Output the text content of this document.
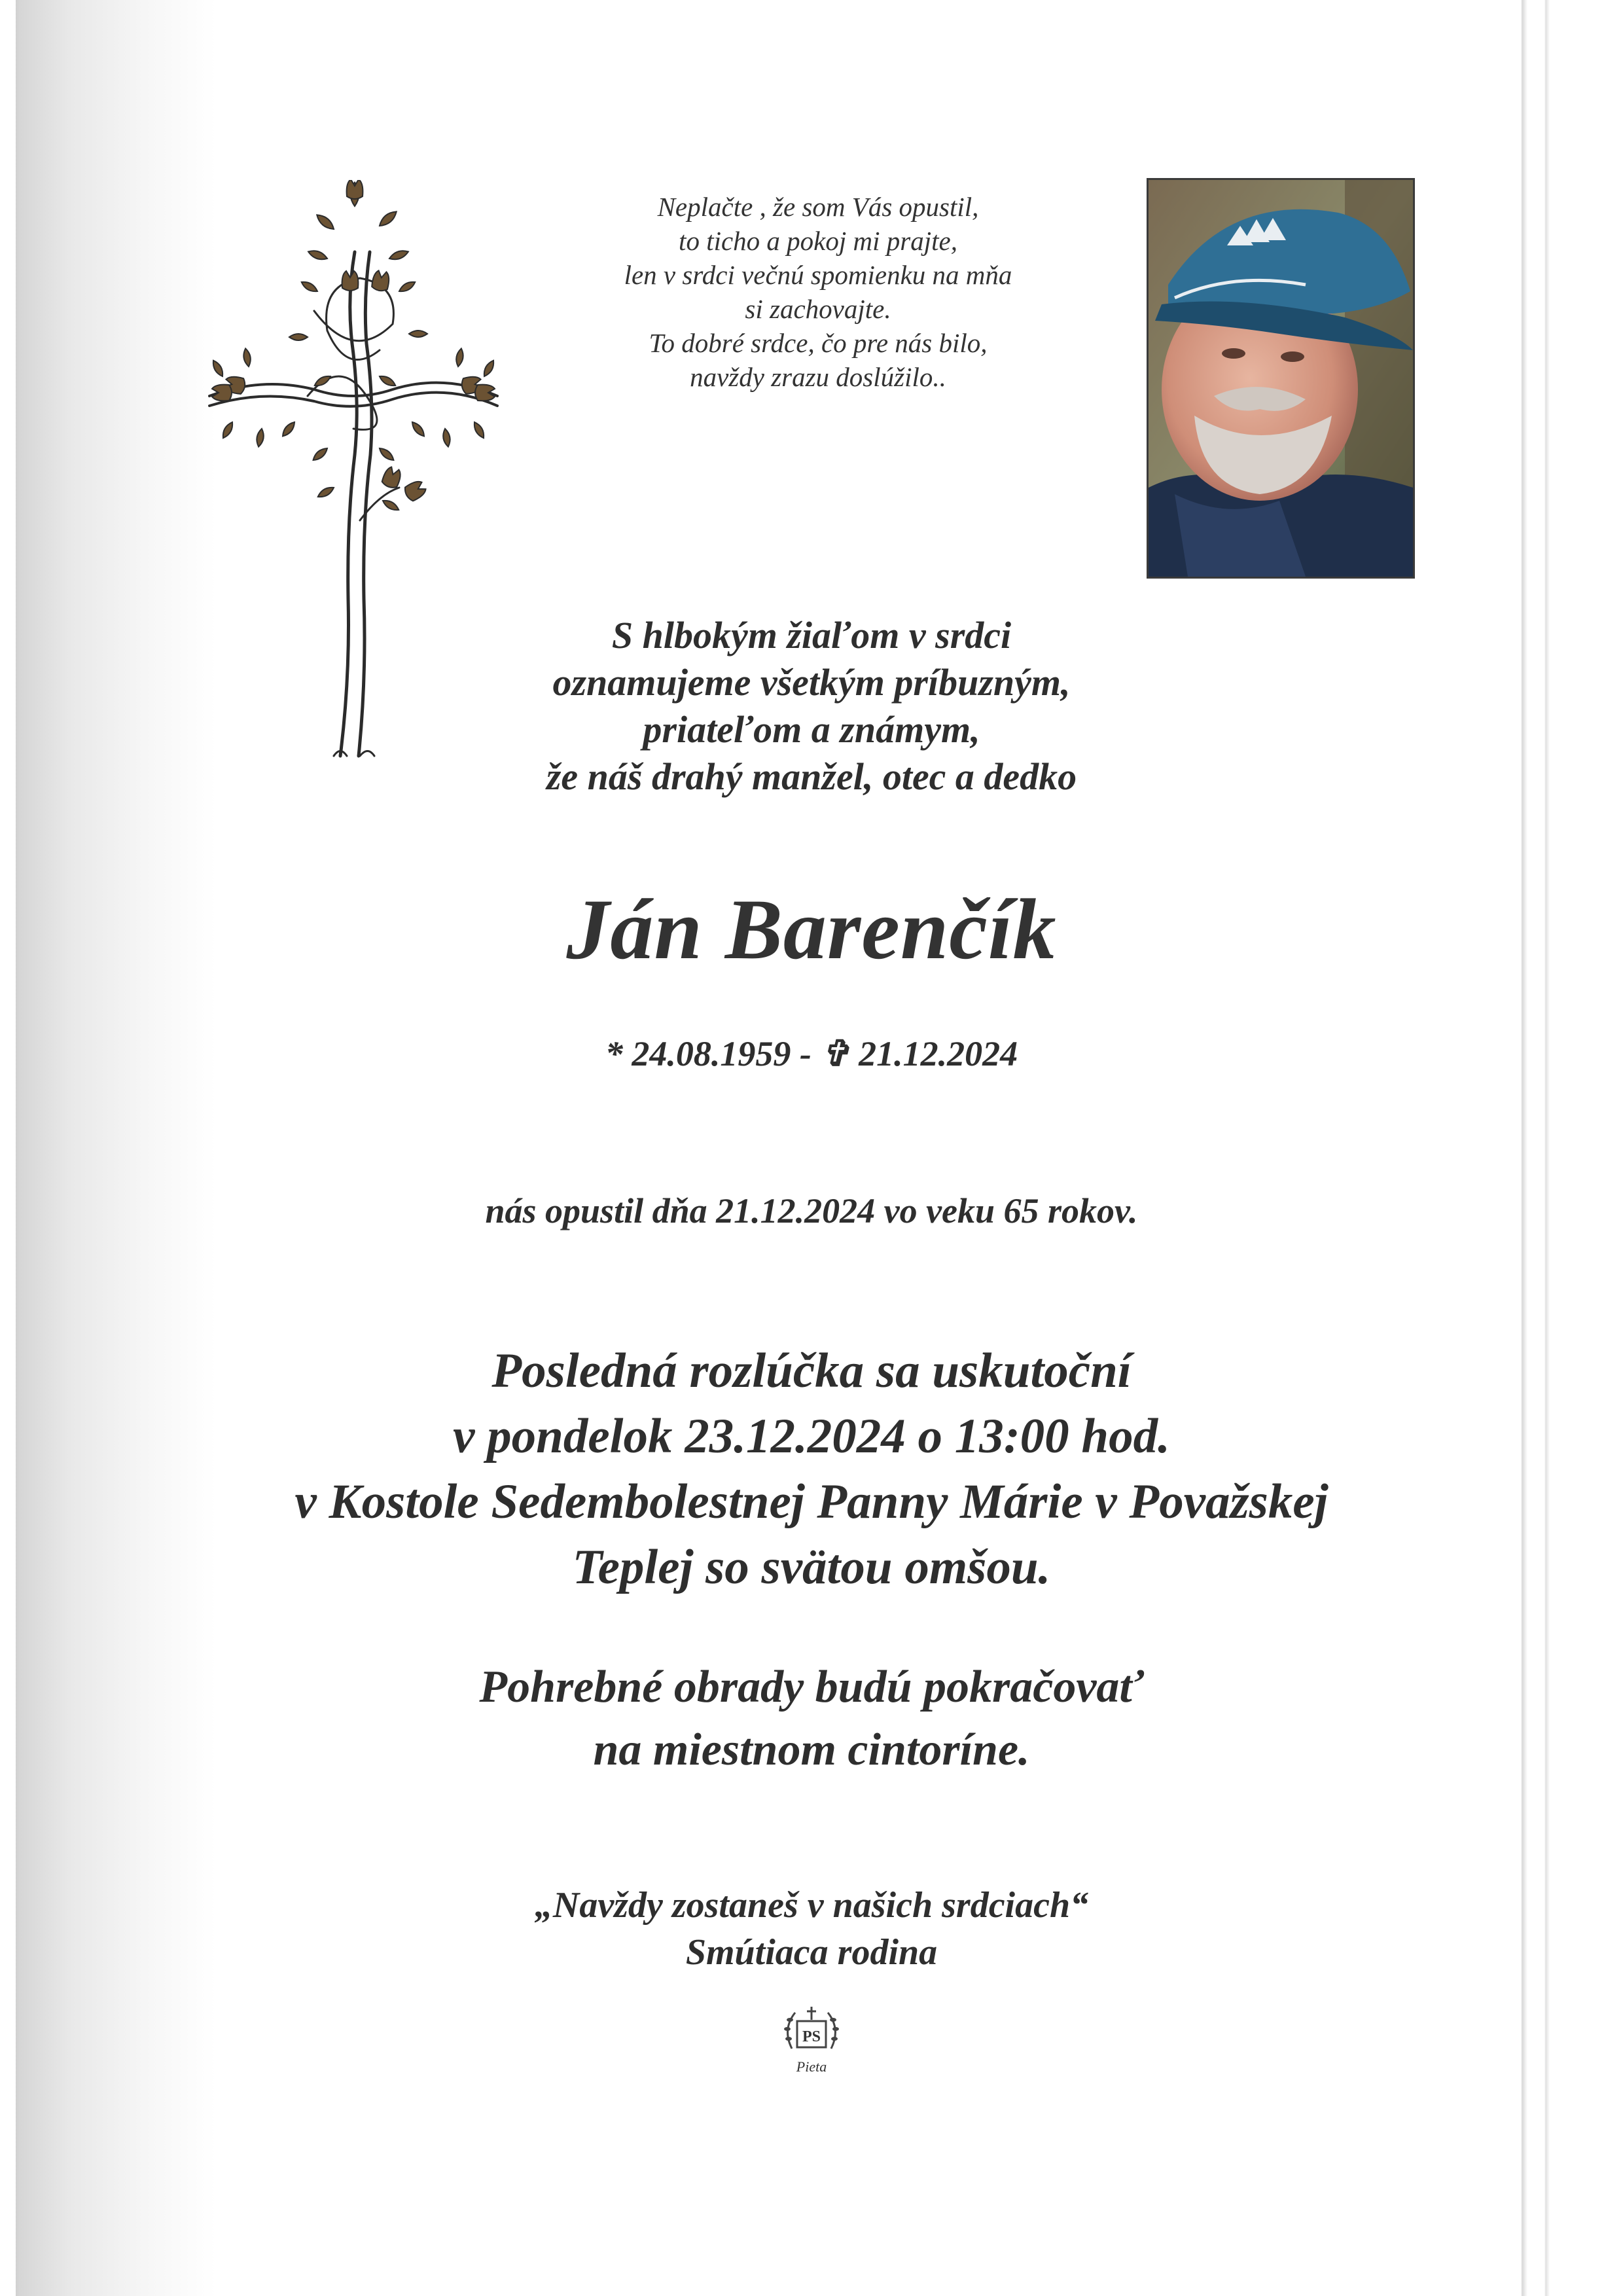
Neplačte , že som Vás opustil,
to ticho a pokoj mi prajte,
len v srdci večnú spomienku na mňa
si zachovajte.
To dobré srdce, čo pre nás bilo,
navždy zrazu doslúžilo..
S hlbokým žiaľom v srdci
oznamujeme všetkým príbuzným,
priateľom a známym,
že náš drahý manžel, otec a dedko
Ján Barenčík
* 24.08.1959 - ✞ 21.12.2024
nás opustil dňa 21.12.2024 vo veku 65 rokov.
Posledná rozlúčka sa uskutoční
v pondelok 23.12.2024 o 13:00 hod.
v Kostole Sedembolestnej Panny Márie v Považskej
Teplej so svätou omšou.
Pohrebné obrady budú pokračovať
na miestnom cintoríne.
„Navždy zostaneš v našich srdciach“
Smútiaca rodina
PS
Pieta
